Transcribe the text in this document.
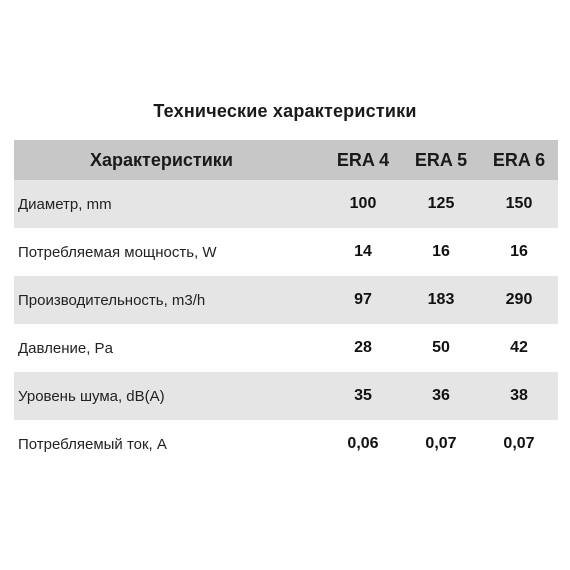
Технические характеристики
Характеристики	ERA 4	ERA 5	ERA 6
Диаметр, mm	100	125	150
Потребляемая мощность, W	14	16	16
Производительность, m3/h	97	183	290
Давление, Pa	28	50	42
Уровень шума, dB(A)	35	36	38
Потребляемый ток, А	0,06	0,07	0,07
